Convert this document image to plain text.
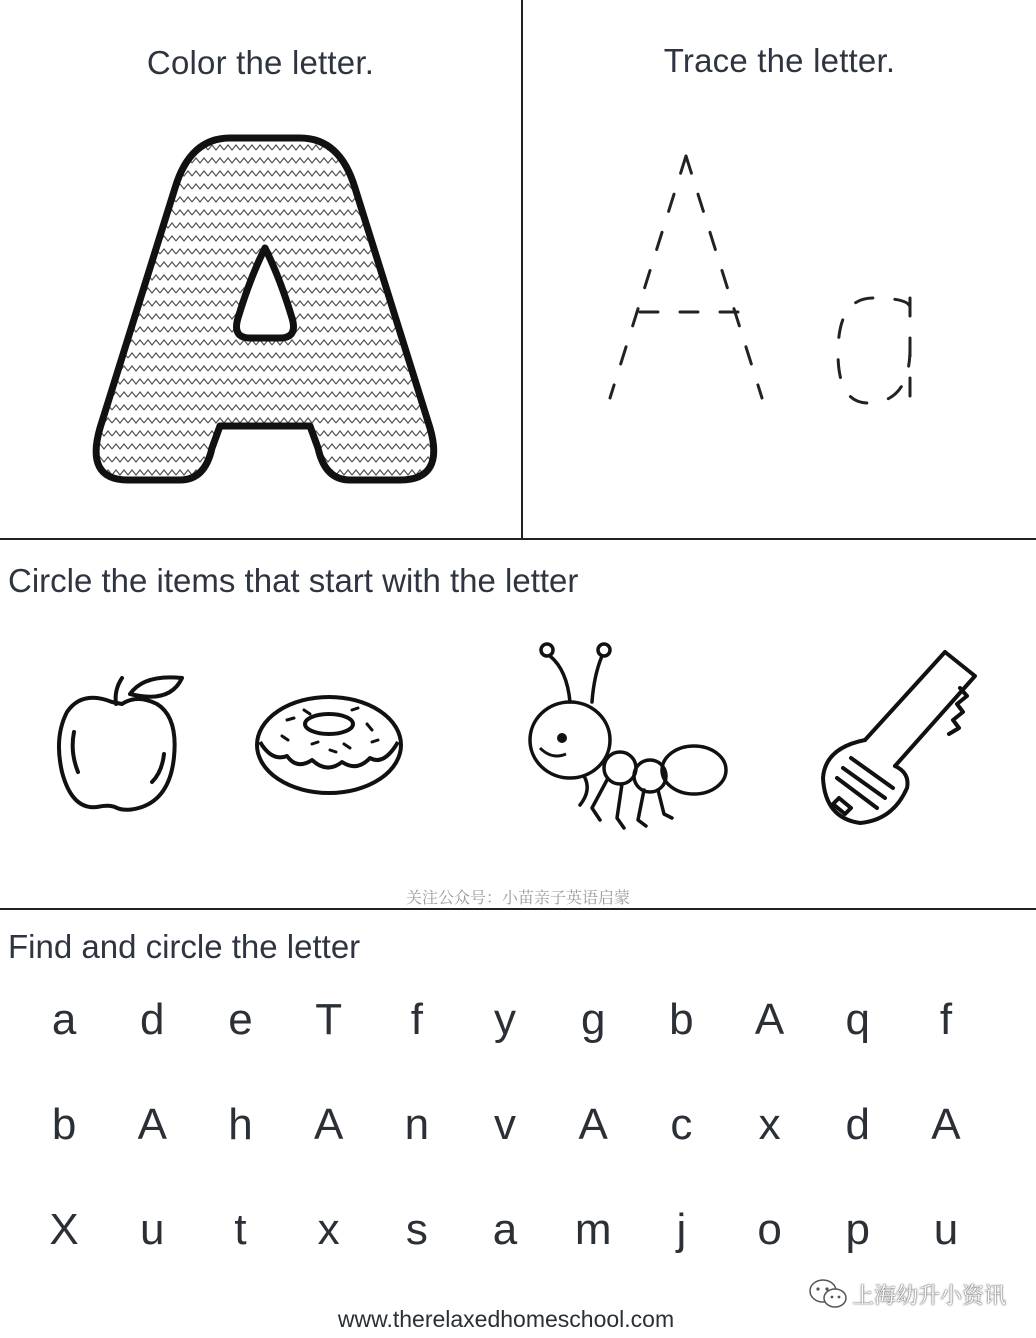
Color the letter.	Trace the letter.
Circle the items that start with the letter
关注公众号：小苗亲子英语启蒙
Find and circle the letter
a	d	e	T	f	y	g	b	A	q	f
b	A	h	A	n	v	A	c	x	d	A
X	u	t	x	s	a	m	j	o	p	u
www.therelaxedhomeschool.com
上海幼升小资讯
